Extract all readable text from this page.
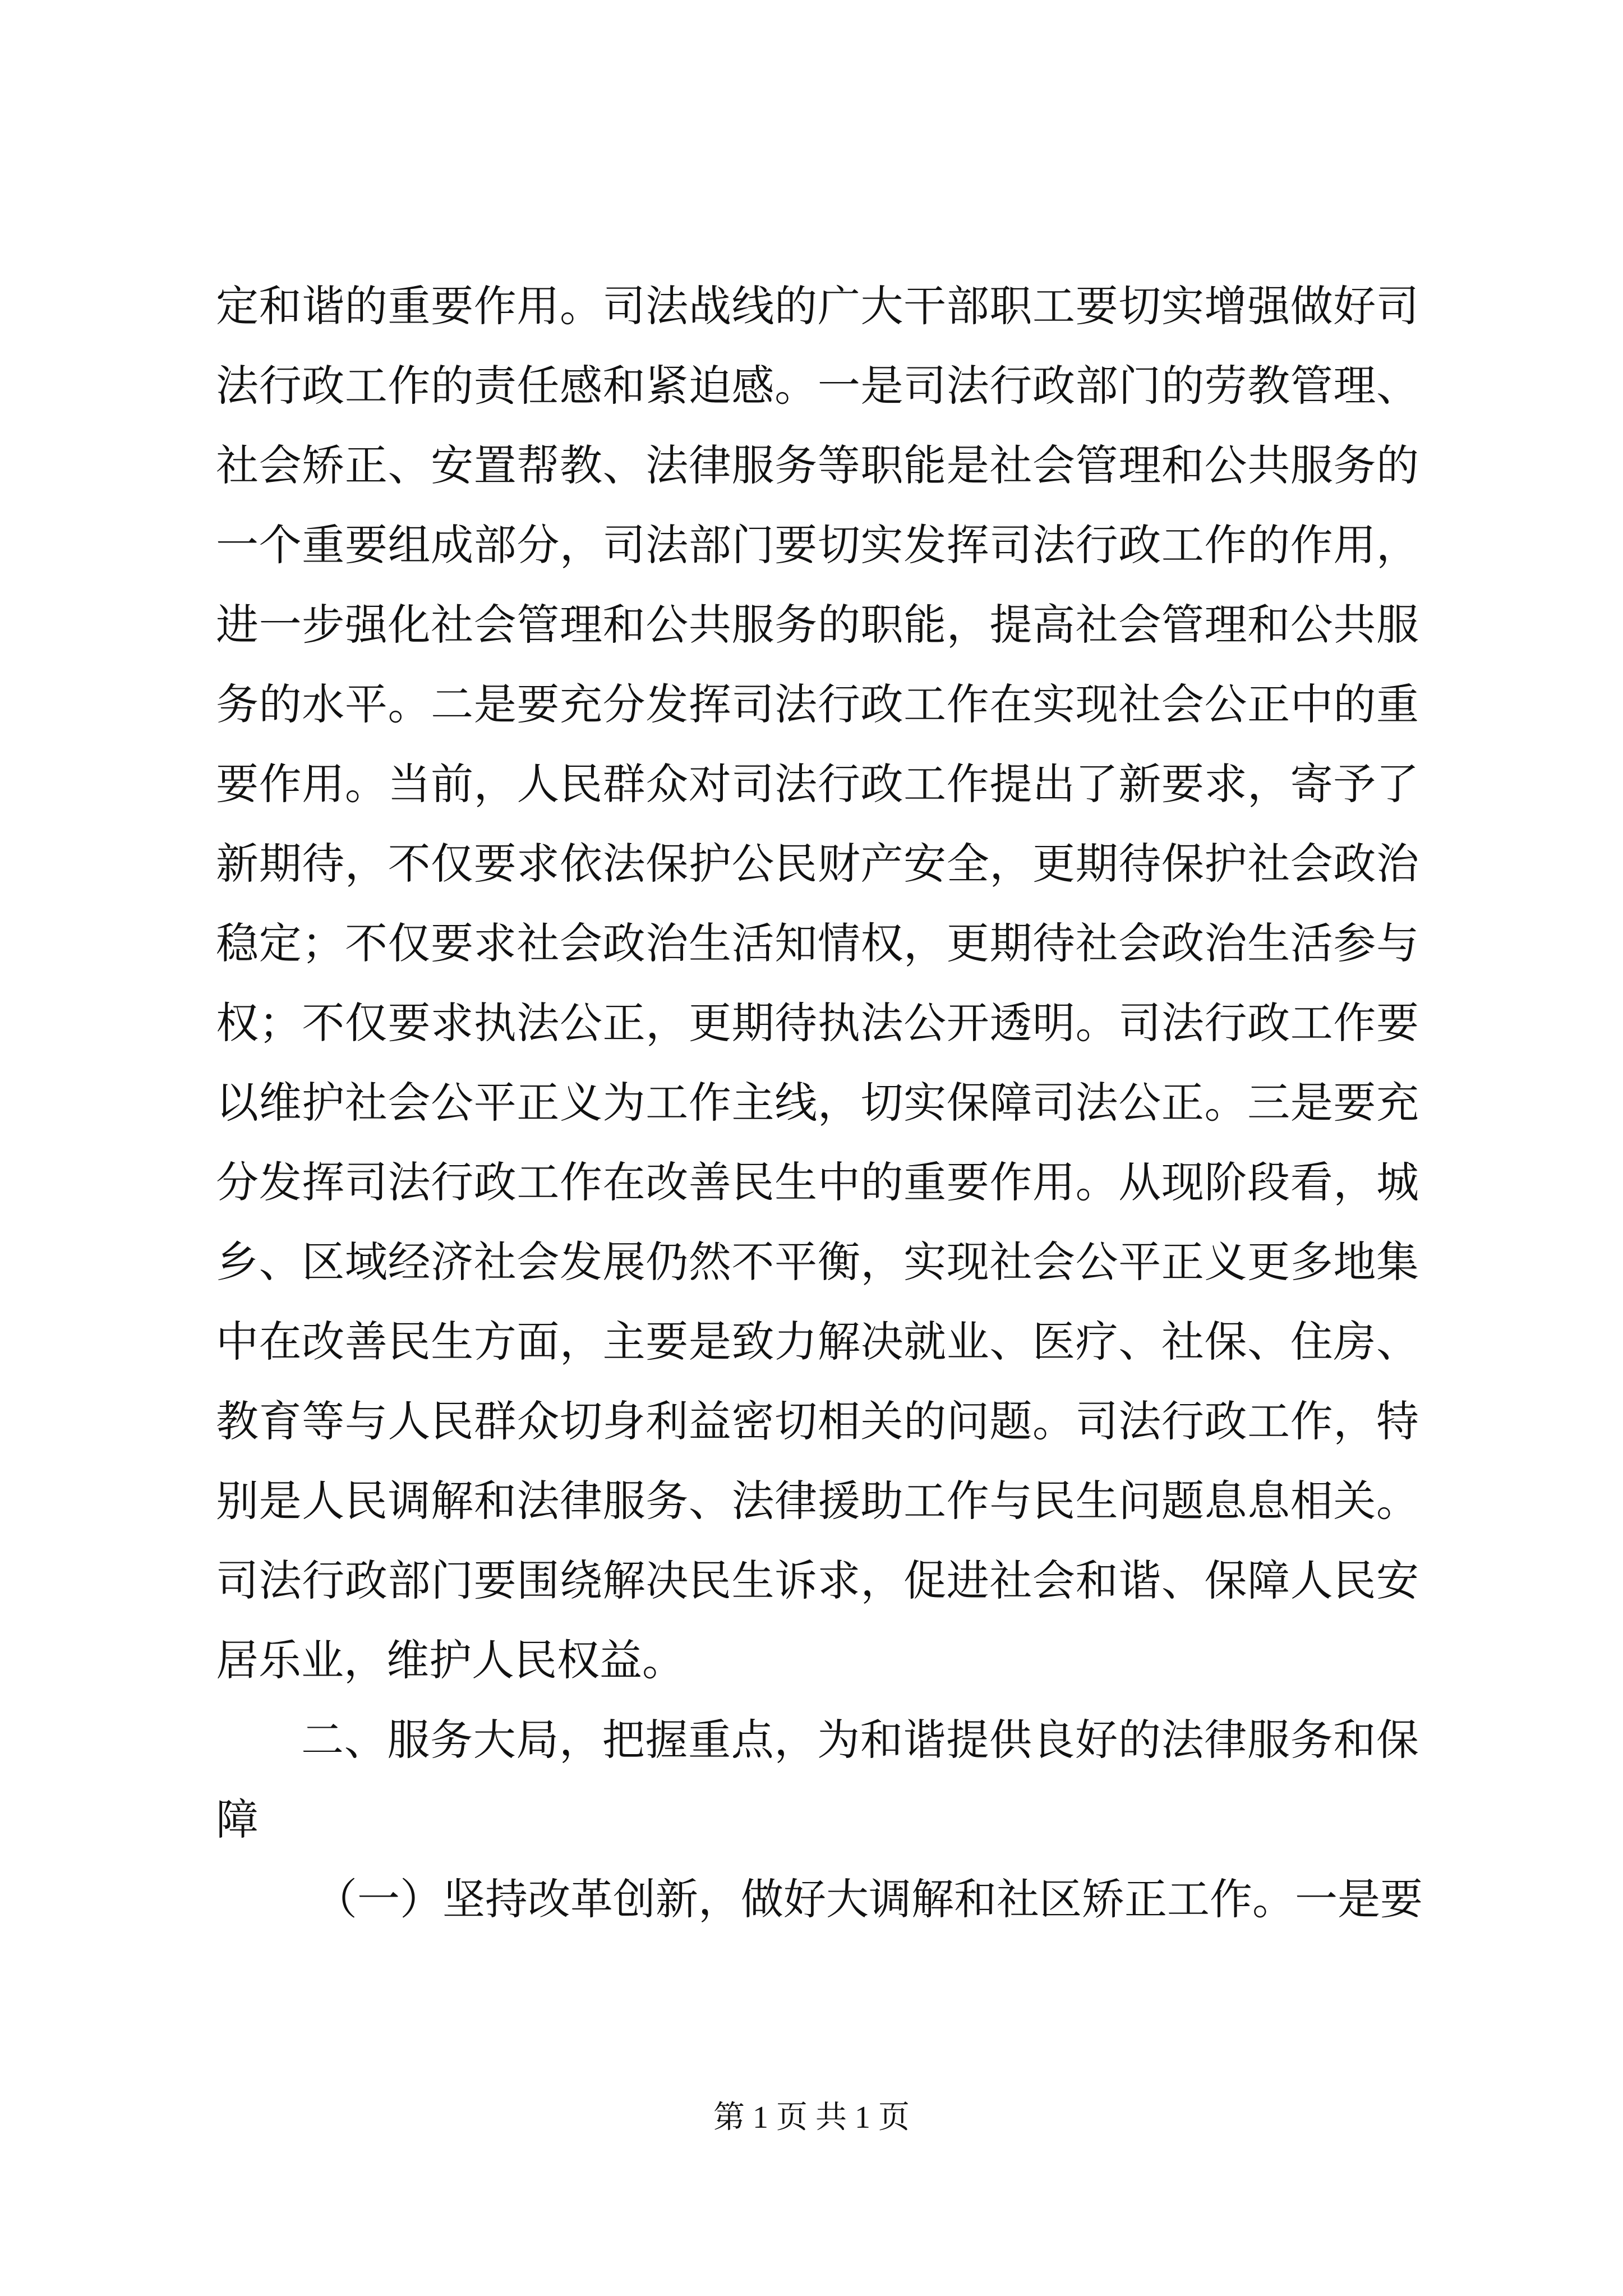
定和谐的重要作用。司法战线的广大干部职工要切实增强做好司
法行政工作的责任感和紧迫感。一是司法行政部门的劳教管理、
社会矫正、安置帮教、法律服务等职能是社会管理和公共服务的
一个重要组成部分，司法部门要切实发挥司法行政工作的作用，
进一步强化社会管理和公共服务的职能，提高社会管理和公共服
务的水平。二是要充分发挥司法行政工作在实现社会公正中的重
要作用。当前，人民群众对司法行政工作提出了新要求，寄予了
新期待，不仅要求依法保护公民财产安全，更期待保护社会政治
稳定；不仅要求社会政治生活知情权，更期待社会政治生活参与
权；不仅要求执法公正，更期待执法公开透明。司法行政工作要
以维护社会公平正义为工作主线，切实保障司法公正。三是要充
分发挥司法行政工作在改善民生中的重要作用。从现阶段看，城
乡、区域经济社会发展仍然不平衡，实现社会公平正义更多地集
中在改善民生方面，主要是致力解决就业、医疗、社保、住房、
教育等与人民群众切身利益密切相关的问题。司法行政工作，特
别是人民调解和法律服务、法律援助工作与民生问题息息相关。
司法行政部门要围绕解决民生诉求，促进社会和谐、保障人民安
居乐业，维护人民权益。
二、服务大局，把握重点，为和谐提供良好的法律服务和保
障
（一）坚持改革创新，做好大调解和社区矫正工作。一是要
第 1 页 共 1 页
